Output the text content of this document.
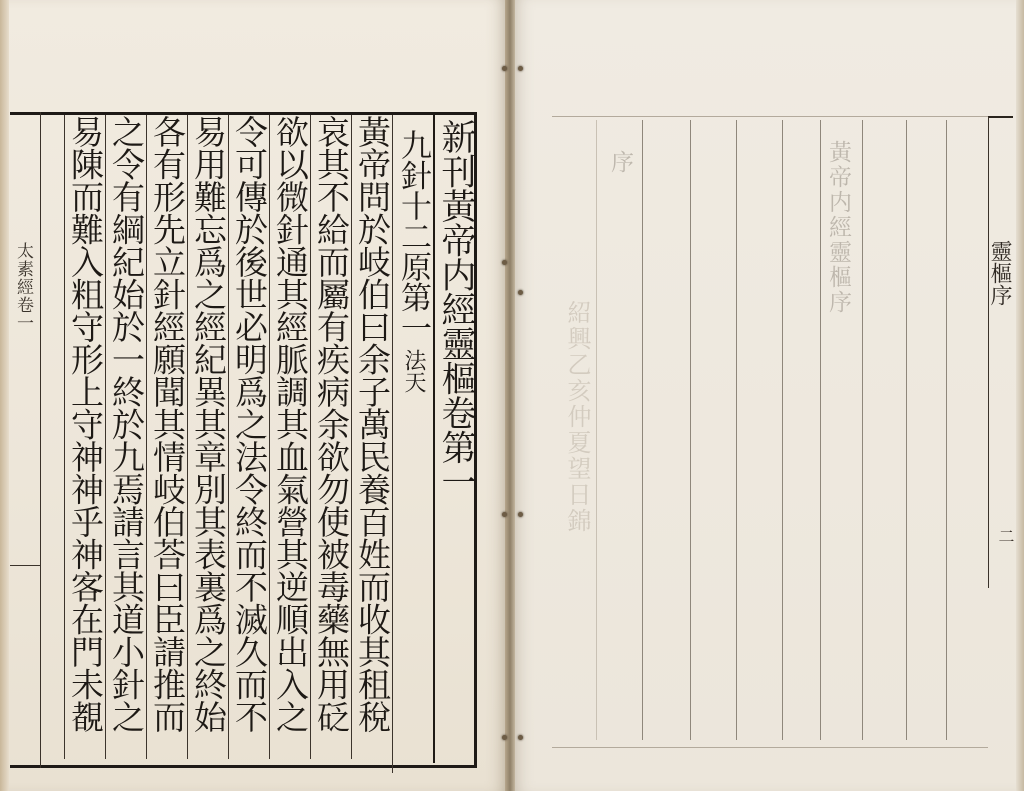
太素經卷一	新刊黃帝内經靈樞卷第一
九針十二原第一法天
黃帝問於岐伯曰余子萬民養百姓而收其租稅
哀其不給而屬有疾病余欲勿使被毒藥無用砭
欲以微針通其經脈調其血氣營其逆順出入之
令可傳於後世必明爲之法令終而不滅久而不
易用難忘爲之經紀異其章別其表裏爲之終始
各有形先立針經願聞其情岐伯荅曰臣請推而
之令有綱紀始於一終於九焉請言其道小針之
易陳而難入粗守形上守神神乎神客在門未覩
黃帝内經靈樞序
序
紹興乙亥仲夏望日錦
靈樞序
二
